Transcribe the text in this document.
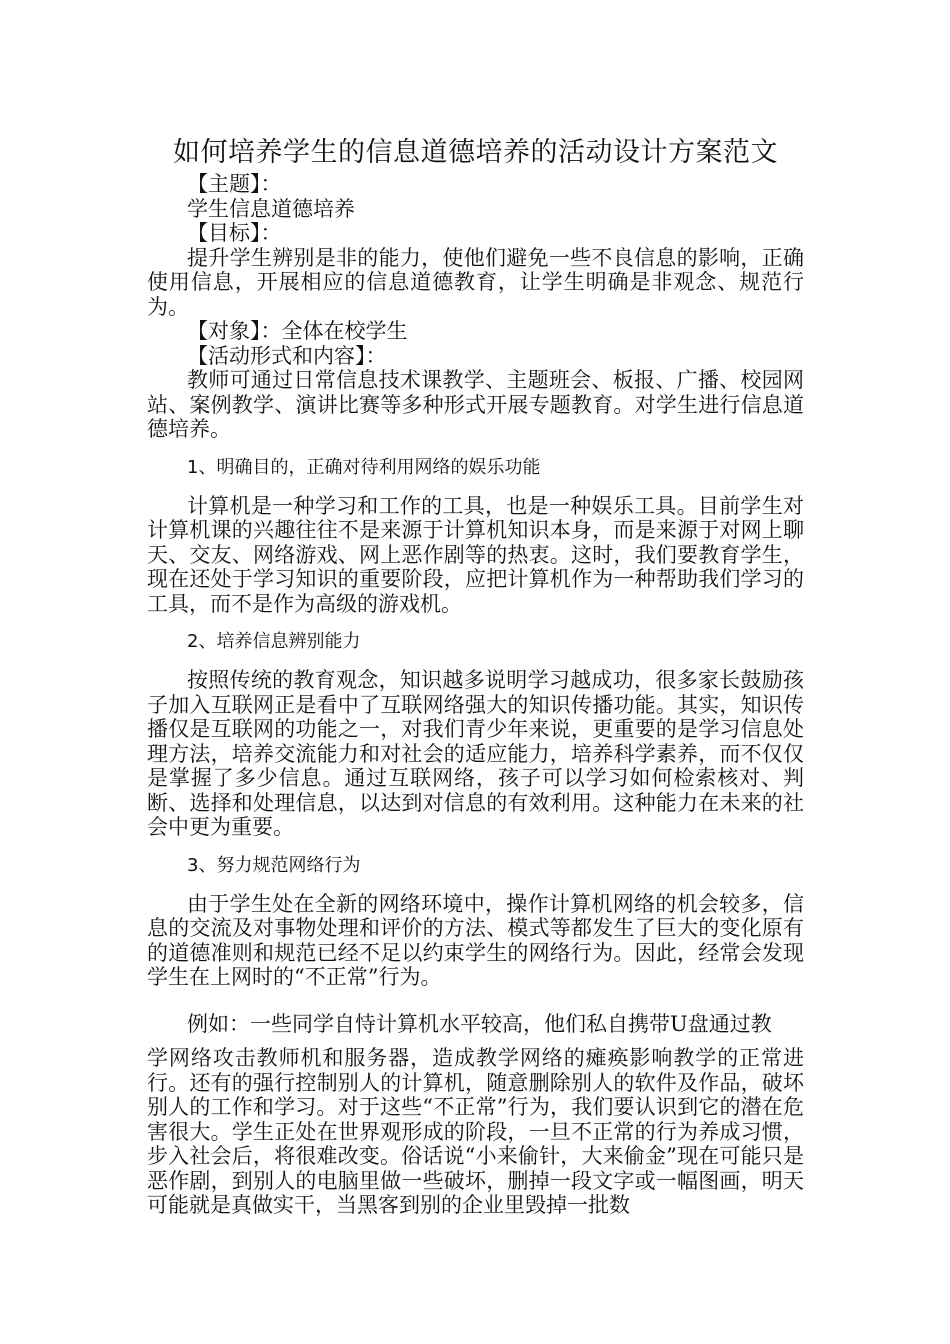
如何培养学生的信息道德培养的活动设计方案范文

【主题】：

学生信息道德培养

【目标】：

提升学生辨别是非的能力，使他们避免一些不良信息的影响，正确使用信息，开展相应的信息道德教育，让学生明确是非观念、规范行为。

【对象】：全体在校学生

【活动形式和内容】：

教师可通过日常信息技术课教学、主题班会、板报、广播、校园网站、案例教学、演讲比赛等多种形式开展专题教育。对学生进行信息道德培养。

1、明确目的，正确对待利用网络的娱乐功能

计算机是一种学习和工作的工具，也是一种娱乐工具。目前学生对计算机课的兴趣往往不是来源于计算机知识本身，而是来源于对网上聊天、交友、网络游戏、网上恶作剧等的热衷。这时，我们要教育学生，现在还处于学习知识的重要阶段，应把计算机作为一种帮助我们学习的工具，而不是作为高级的游戏机。

2、培养信息辨别能力

按照传统的教育观念，知识越多说明学习越成功，很多家长鼓励孩子加入互联网正是看中了互联网络强大的知识传播功能。其实，知识传播仅是互联网的功能之一，对我们青少年来说，更重要的是学习信息处理方法，培养交流能力和对社会的适应能力，培养科学素养，而不仅仅是掌握了多少信息。通过互联网络，孩子可以学习如何检索核对、判断、选择和处理信息，以达到对信息的有效利用。这种能力在未来的社会中更为重要。

3、努力规范网络行为

由于学生处在全新的网络环境中，操作计算机网络的机会较多，信息的交流及对事物处理和评价的方法、模式等都发生了巨大的变化原有的道德准则和规范已经不足以约束学生的网络行为。因此，经常会发现学生在上网时的“不正常”行为。

例如：一些同学自恃计算机水平较高，他们私自携带U盘通过教

学网络攻击教师机和服务器，造成教学网络的瘫痪影响教学的正常进行。还有的强行控制别人的计算机，随意删除别人的软件及作品，破坏别人的工作和学习。对于这些“不正常”行为，我们要认识到它的潜在危害很大。学生正处在世界观形成的阶段，一旦不正常的行为养成习惯，步入社会后，将很难改变。俗话说“小来偷针，大来偷金”现在可能只是恶作剧，到别人的电脑里做一些破坏，删掉一段文字或一幅图画，明天可能就是真做实干，当黑客到别的企业里毁掉一批数
